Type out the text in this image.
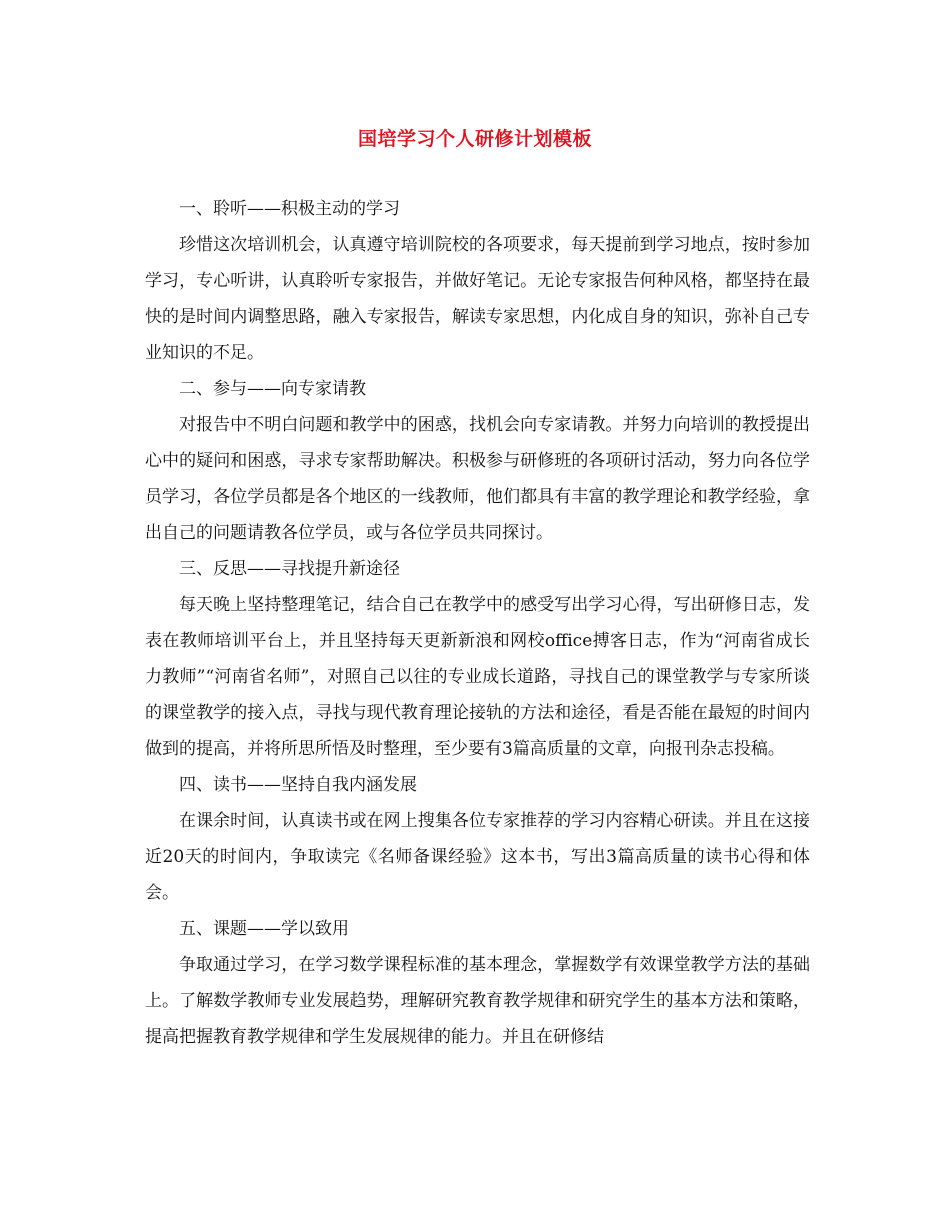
国培学习个人研修计划模板

一、聆听——积极主动的学习

珍惜这次培训机会，认真遵守培训院校的各项要求，每天提前到学习地点，按时参加学习，专心听讲，认真聆听专家报告，并做好笔记。无论专家报告何种风格，都坚持在最快的是时间内调整思路，融入专家报告，解读专家思想，内化成自身的知识，弥补自己专业知识的不足。

二、参与——向专家请教

对报告中不明白问题和教学中的困惑，找机会向专家请教。并努力向培训的教授提出心中的疑问和困惑，寻求专家帮助解决。积极参与研修班的各项研讨活动，努力向各位学员学习，各位学员都是各个地区的一线教师，他们都具有丰富的教学理论和教学经验，拿出自己的问题请教各位学员，或与各位学员共同探讨。

三、反思——寻找提升新途径

每天晚上坚持整理笔记，结合自己在教学中的感受写出学习心得，写出研修日志，发表在教师培训平台上，并且坚持每天更新新浪和网校office搏客日志，作为“河南省成长力教师”“河南省名师”，对照自己以往的专业成长道路，寻找自己的课堂教学与专家所谈的课堂教学的接入点，寻找与现代教育理论接轨的方法和途径，看是否能在最短的时间内做到的提高，并将所思所悟及时整理，至少要有3篇高质量的文章，向报刊杂志投稿。

四、读书——坚持自我内涵发展

在课余时间，认真读书或在网上搜集各位专家推荐的学习内容精心研读。并且在这接近20天的时间内，争取读完《名师备课经验》这本书，写出3篇高质量的读书心得和体会。

五、课题——学以致用

争取通过学习，在学习数学课程标准的基本理念，掌握数学有效课堂教学方法的基础上。了解数学教师专业发展趋势，理解研究教育教学规律和研究学生的基本方法和策略，提高把握教育教学规律和学生发展规律的能力。并且在研修结
